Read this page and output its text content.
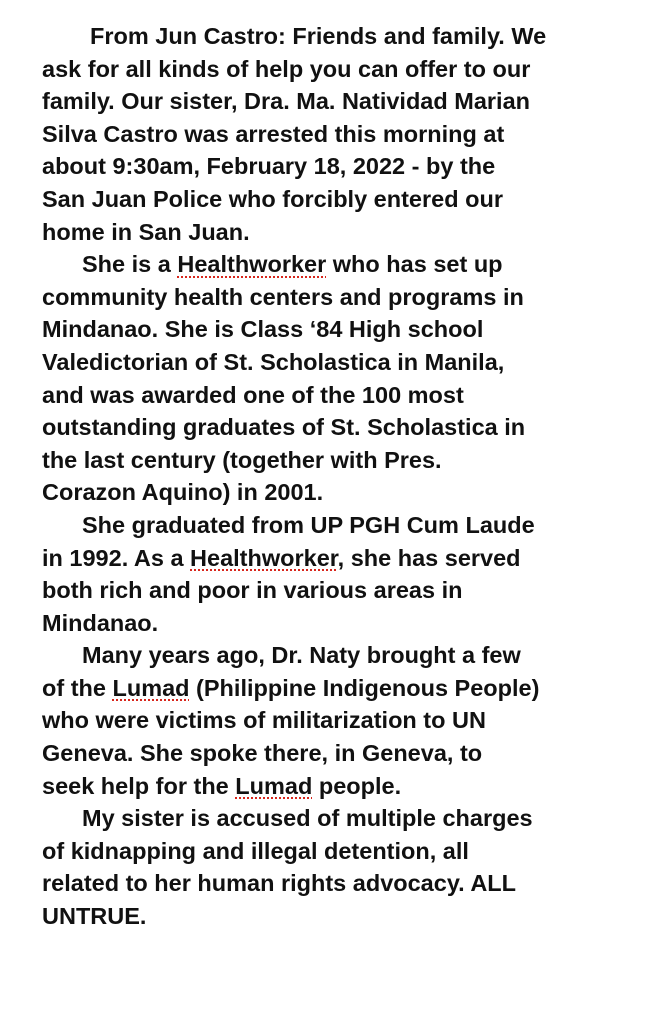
From Jun Castro: Friends and family. We
ask for all kinds of help you can offer to our
family. Our sister, Dra. Ma. Natividad Marian
Silva Castro was arrested this morning at
about 9:30am, February 18, 2022 - by the
San Juan Police who forcibly entered our
home in San Juan.
She is a Healthworker who has set up
community health centers and programs in
Mindanao. She is Class ‘84 High school
Valedictorian of St. Scholastica in Manila,
and was awarded one of the 100 most
outstanding graduates of St. Scholastica in
the last century (together with Pres.
Corazon Aquino) in 2001.
She graduated from UP PGH Cum Laude
in 1992. As a Healthworker, she has served
both rich and poor in various areas in
Mindanao.
Many years ago, Dr. Naty brought a few
of the Lumad (Philippine Indigenous People)
who were victims of militarization to UN
Geneva. She spoke there, in Geneva, to
seek help for the Lumad people.
My sister is accused of multiple charges
of kidnapping and illegal detention, all
related to her human rights advocacy. ALL
UNTRUE.
